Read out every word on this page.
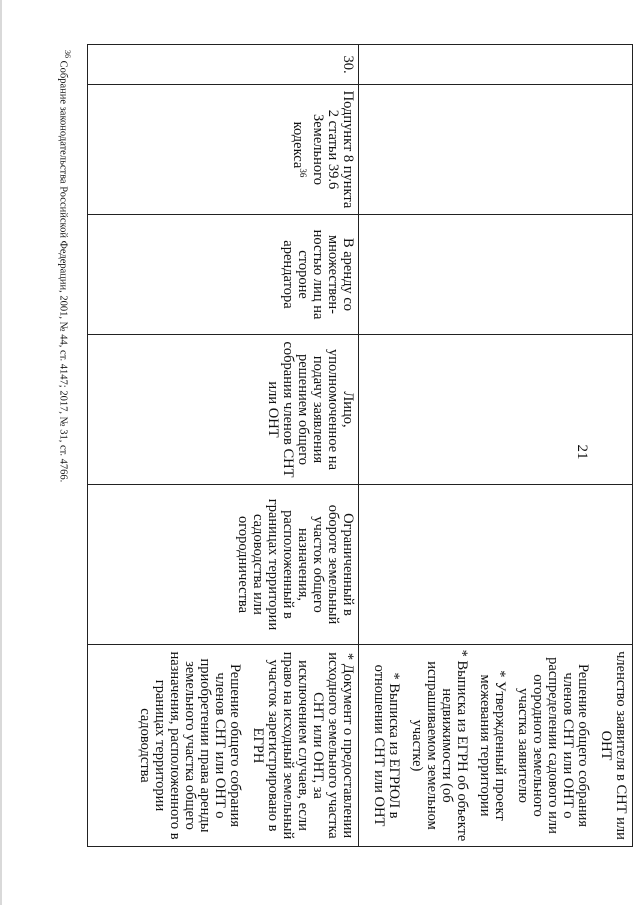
21

					членство заявителя в СНТ или ОНТ
Решение общего собрания членов СНТ или ОНТ о распределении садового или огородного земельного участка заявителю
* Утвержденный проект межевания территории
* Выписка из ЕГРН об объекте недвижимости (об испрашиваемом земельном участке)
* Выписка из ЕГРЮЛ в отношении СНТ или ОНТ

30.	Подпункт 8 пункта 2 статьи 39.6 Земельного кодекса$^{36}$	В аренду со множествен-ностью лиц на стороне арендатора	Лицо, уполномоченное на подачу заявления решением общего собрания членов СНТ или ОНТ	Ограниченный в обороте земельный участок общего назначения, расположенный в границах территории садоводства или огородничества	* Документ о предоставлении исходного земельного участка СНТ или ОНТ, за исключением случаев, если право на исходный земельный участок зарегистрировано в ЕГРН
Решение общего собрания членов СНТ или ОНТ о приобретении права аренды земельного участка общего назначения, расположенного в границах территории садоводства
$^{36}$ Собрание законодательства Российской Федерации, 2001, № 44, ст. 4147; 2017, № 31, ст. 4766.
